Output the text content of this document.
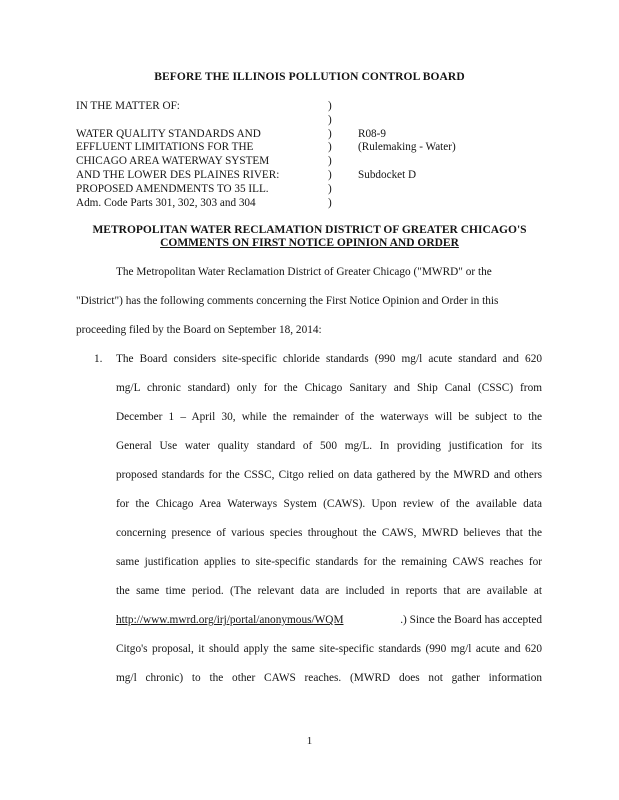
BEFORE THE ILLINOIS POLLUTION CONTROL BOARD
IN THE MATTER OF:
WATER QUALITY STANDARDS AND
EFFLUENT LIMITATIONS FOR THE
CHICAGO AREA WATERWAY SYSTEM
AND THE LOWER DES PLAINES RIVER:
PROPOSED AMENDMENTS TO 35 ILL.
Adm. Code Parts 301, 302, 303 and 304
)
)
)
)
)
)
)
)
R08-9
(Rulemaking - Water)
Subdocket D
METROPOLITAN WATER RECLAMATION DISTRICT OF GREATER CHICAGO'S
COMMENTS ON FIRST NOTICE OPINION AND ORDER
The Metropolitan Water Reclamation District of Greater Chicago ("MWRD" or the
"District") has the following comments concerning the First Notice Opinion and Order in this
proceeding filed by the Board on September 18, 2014:
1. The Board considers site-specific chloride standards (990 mg/l acute standard and 620
mg/L chronic standard) only for the Chicago Sanitary and Ship Canal (CSSC) from
December 1 – April 30, while the remainder of the waterways will be subject to the
General Use water quality standard of 500 mg/L. In providing justification for its
proposed standards for the CSSC, Citgo relied on data gathered by the MWRD and others
for the Chicago Area Waterways System (CAWS). Upon review of the available data
concerning presence of various species throughout the CAWS, MWRD believes that the
same justification applies to site-specific standards for the remaining CAWS reaches for
the same time period. (The relevant data are included in reports that are available at
http://www.mwrd.org/irj/portal/anonymous/WQM	.) Since the Board has accepted
Citgo's proposal, it should apply the same site-specific standards (990 mg/l acute and 620
mg/l chronic) to the other CAWS reaches. (MWRD does not gather information
1
